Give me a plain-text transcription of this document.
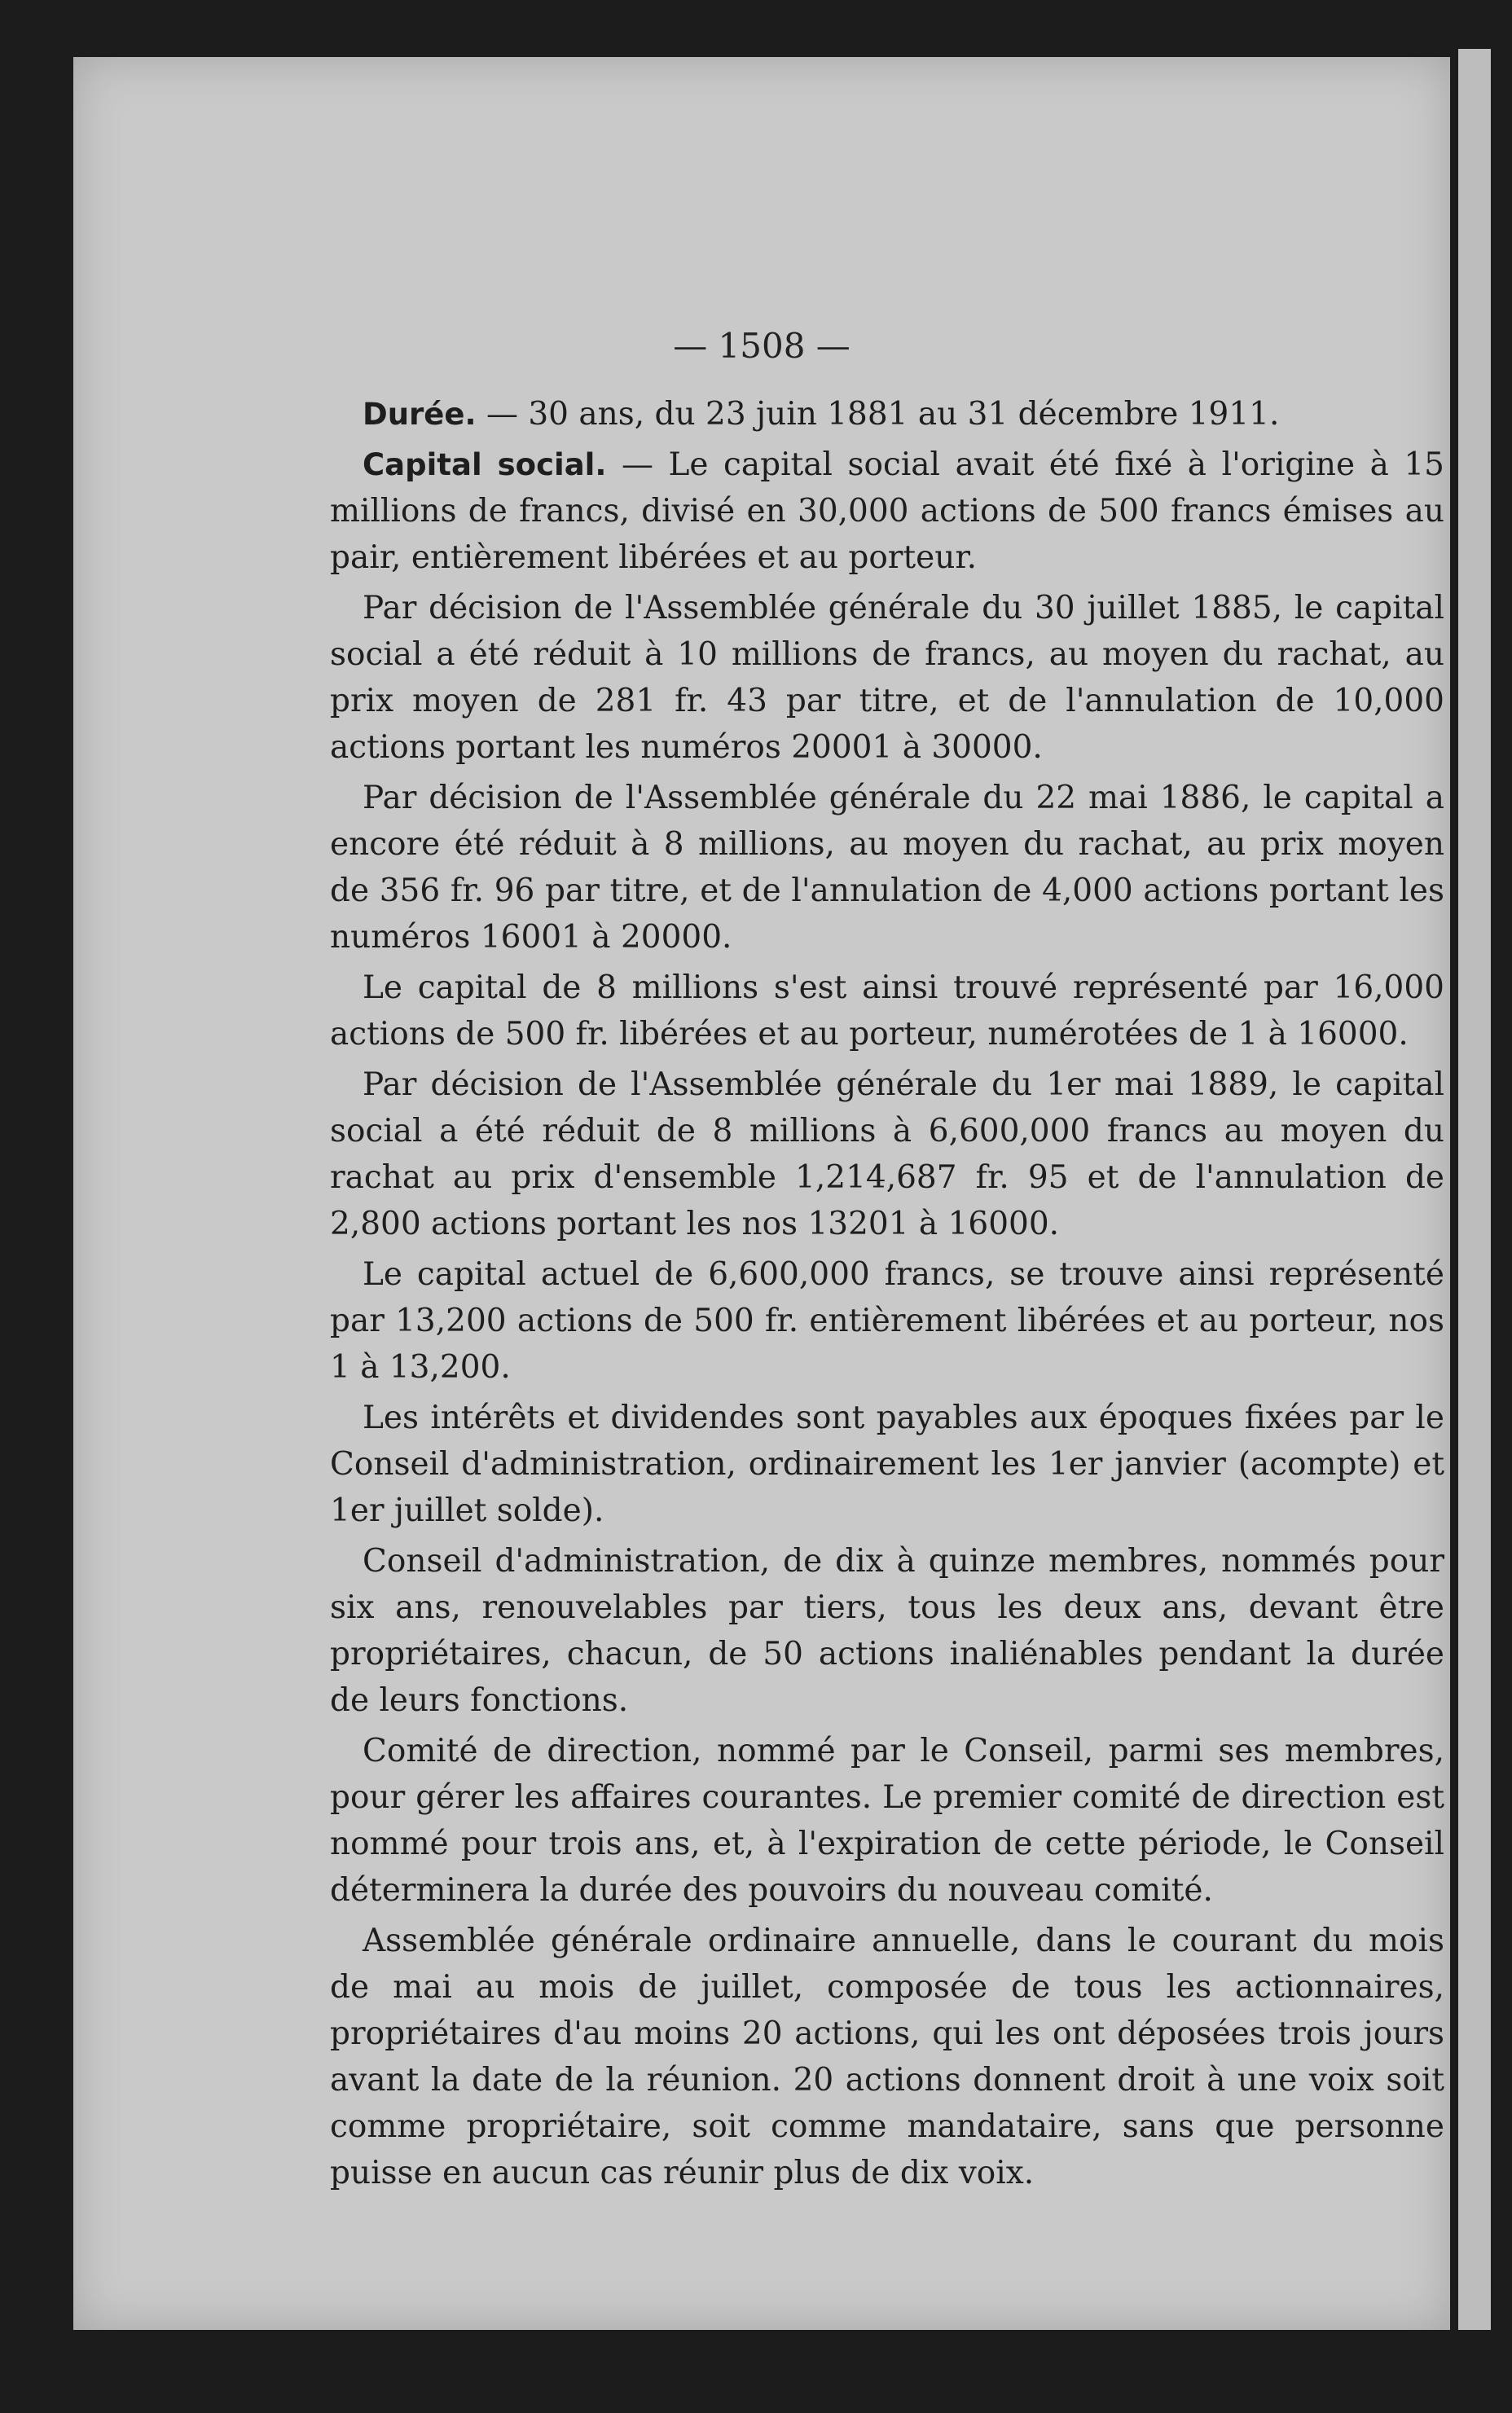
— 1508 —

Durée. — 30 ans, du 23 juin 1881 au 31 décembre 1911.

Capital social. — Le capital social avait été fixé à l'origine à 15 millions de francs, divisé en 30,000 actions de 500 francs émises au pair, entièrement libérées et au porteur.

Par décision de l'Assemblée générale du 30 juillet 1885, le capital social a été réduit à 10 millions de francs, au moyen du rachat, au prix moyen de 281 fr. 43 par titre, et de l'annulation de 10,000 actions portant les numéros 20001 à 30000.

Par décision de l'Assemblée générale du 22 mai 1886, le capital a encore été réduit à 8 millions, au moyen du rachat, au prix moyen de 356 fr. 96 par titre, et de l'annulation de 4,000 actions portant les numéros 16001 à 20000.

Le capital de 8 millions s'est ainsi trouvé représenté par 16,000 actions de 500 fr. libérées et au porteur, numérotées de 1 à 16000.

Par décision de l'Assemblée générale du 1er mai 1889, le capital social a été réduit de 8 millions à 6,600,000 francs au moyen du rachat au prix d'ensemble 1,214,687 fr. 95 et de l'annulation de 2,800 actions portant les nos 13201 à 16000.

Le capital actuel de 6,600,000 francs, se trouve ainsi représenté par 13,200 actions de 500 fr. entièrement libérées et au porteur, nos 1 à 13,200.

Les intérêts et dividendes sont payables aux époques fixées par le Conseil d'administration, ordinairement les 1er janvier (acompte) et 1er juillet solde).

Conseil d'administration, de dix à quinze membres, nommés pour six ans, renouvelables par tiers, tous les deux ans, devant être propriétaires, chacun, de 50 actions inaliénables pendant la durée de leurs fonctions.

Comité de direction, nommé par le Conseil, parmi ses membres, pour gérer les affaires courantes. Le premier comité de direction est nommé pour trois ans, et, à l'expiration de cette période, le Conseil déterminera la durée des pouvoirs du nouveau comité.

Assemblée générale ordinaire annuelle, dans le courant du mois de mai au mois de juillet, composée de tous les actionnaires, propriétaires d'au moins 20 actions, qui les ont déposées trois jours avant la date de la réunion. 20 actions donnent droit à une voix soit comme propriétaire, soit comme mandataire, sans que personne puisse en aucun cas réunir plus de dix voix.
